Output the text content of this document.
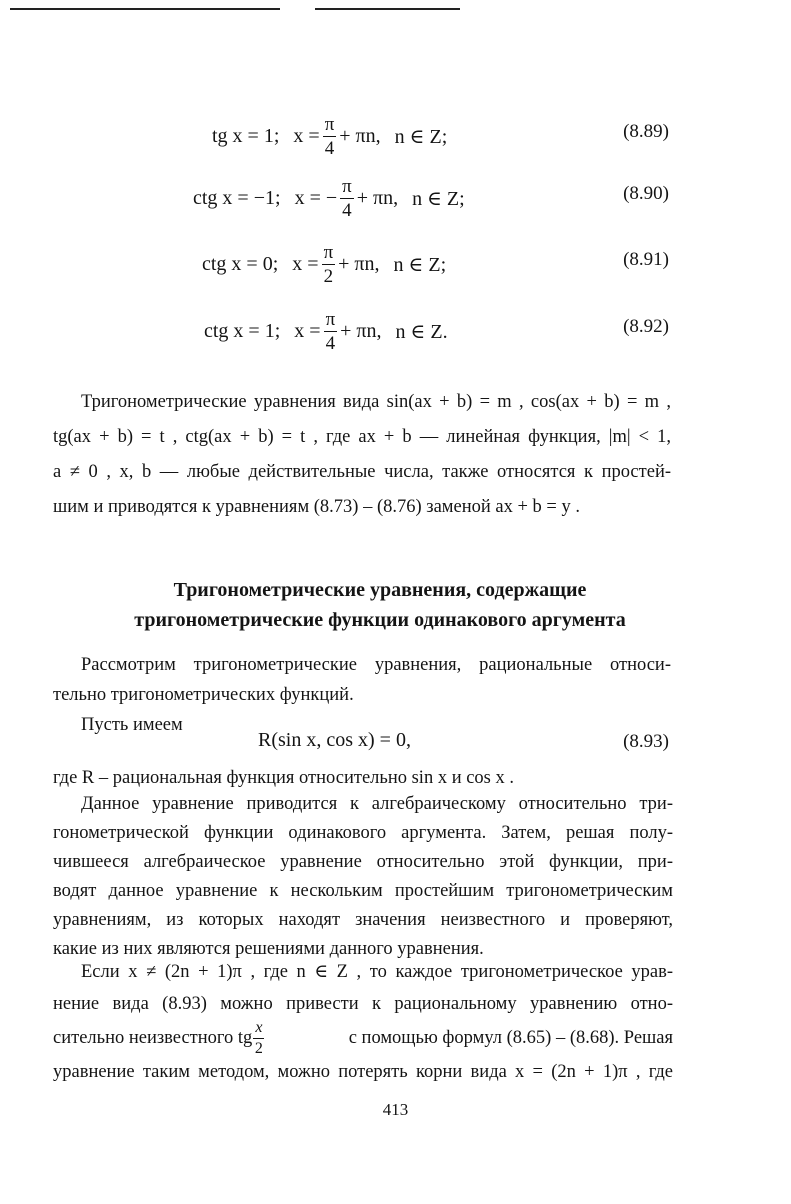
tg x = 1; $x = \frac{\pi}{4} + \pi n$, n ∈ Z;	(8.89)
ctg x = −1; x = − $\frac{\pi}{4} + \pi n$, n ∈ Z;	(8.90)
ctg x = 0; $x = \frac{\pi}{2} + \pi n$, n ∈ Z;	(8.91)
ctg x = 1; $x = \frac{\pi}{4} + \pi n$, n ∈ Z.	(8.92)
Тригонометрические уравнения вида sin(ax + b) = m , cos(ax + b) = m ,
tg(ax + b) = t , ctg(ax + b) = t , где ax + b — линейная функция, |m| < 1,
a ≠ 0 , x, b — любые действительные числа, также относятся к простей-
шим и приводятся к уравнениям (8.73) – (8.76) заменой ax + b = y .
Тригонометрические уравнения, содержащие
тригонометрические функции одинакового аргумента
Рассмотрим тригонометрические уравнения, рациональные относи-
тельно тригонометрических функций.
Пусть имеем
R(sin x, cos x) = 0,	(8.93)
где R – рациональная функция относительно sin x и cos x .
Данное уравнение приводится к алгебраическому относительно три-
гонометрической функции одинакового аргумента. Затем, решая полу-
чившееся алгебраическое уравнение относительно этой функции, при-
водят данное уравнение к нескольким простейшим тригонометрическим
уравнениям, из которых находят значения неизвестного и проверяют,
какие из них являются решениями данного уравнения.
Если x ≠ (2n + 1)π , где n ∈ Z , то каждое тригонометрическое урав-
нение вида (8.93) можно привести к рациональному уравнению отно-
сительно неизвестного tg $\frac{x}{2}$	с помощью формул (8.65) – (8.68). Решая
уравнение таким методом, можно потерять корни вида x = (2n + 1)π , где
413
